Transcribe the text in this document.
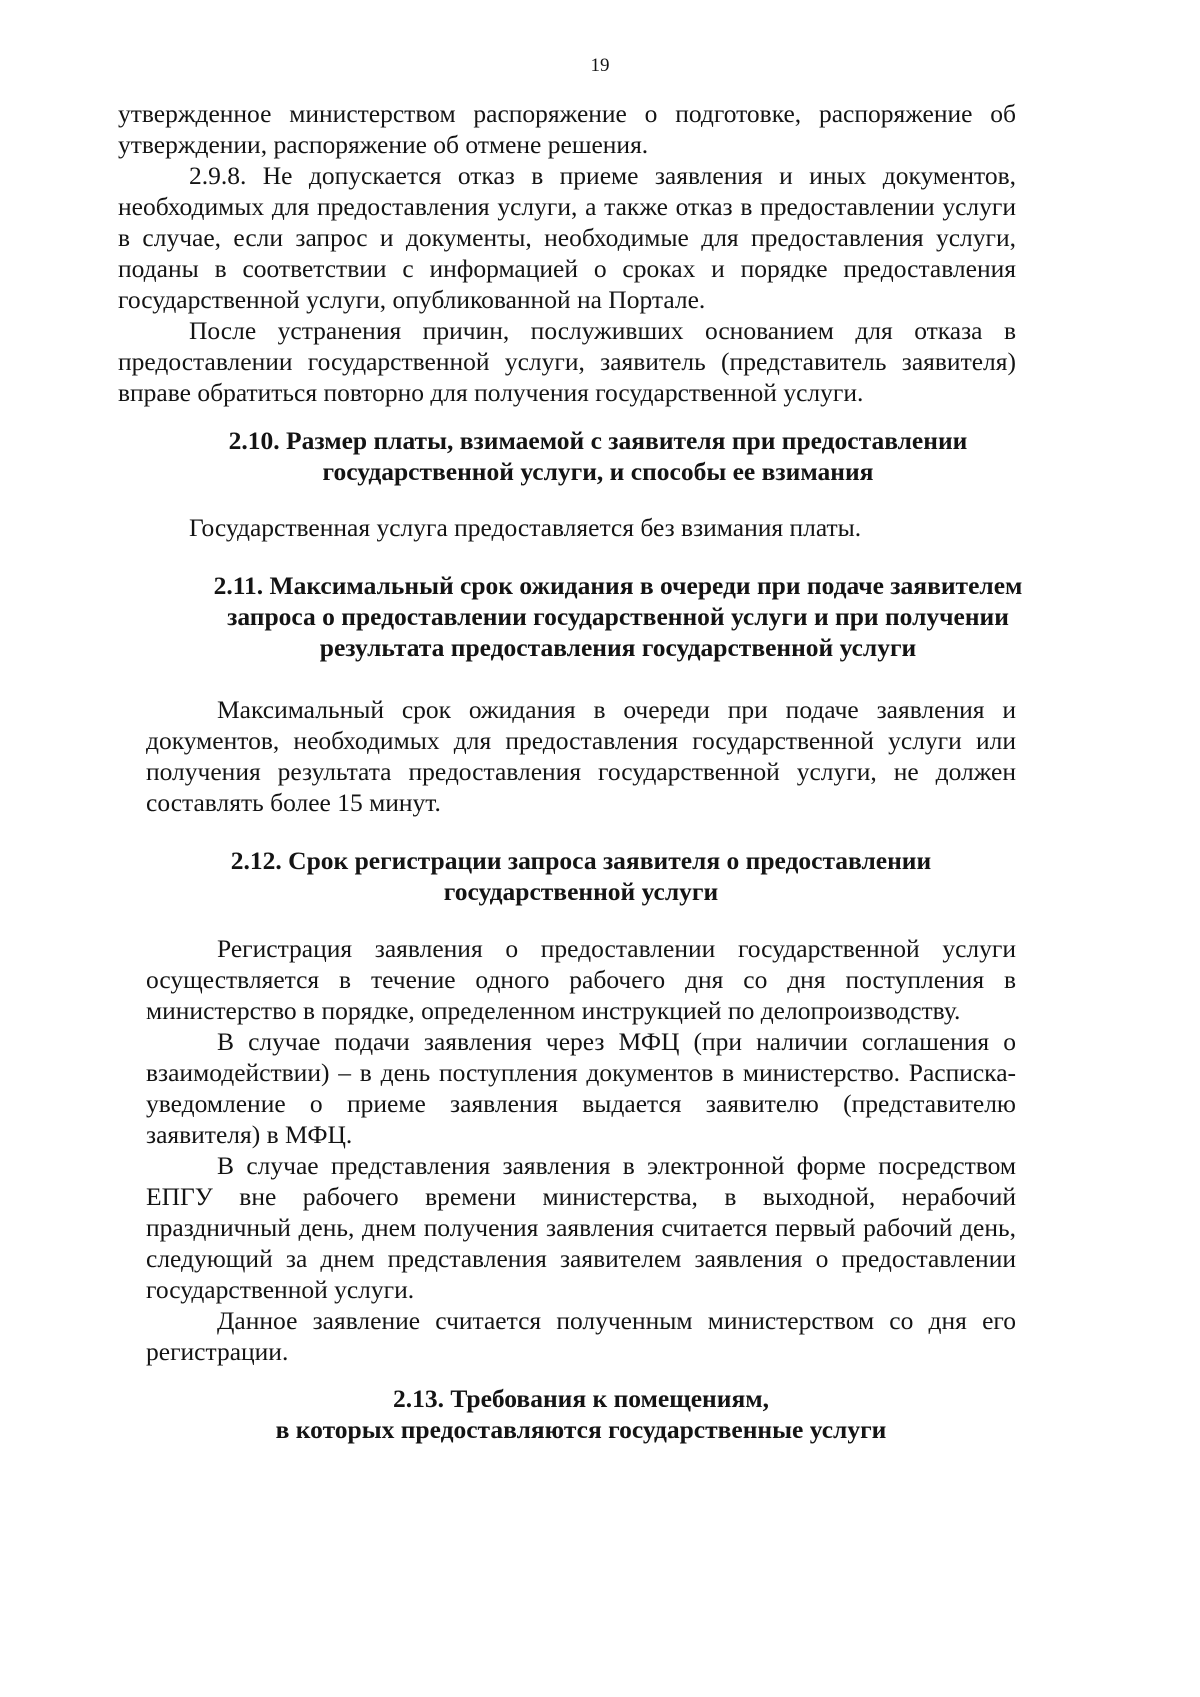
19

утвержденное министерством распоряжение о подготовке, распоряжение об утверждении, распоряжение об отмене решения.

2.9.8. Не допускается отказ в приеме заявления и иных документов, необходимых для предоставления услуги, а также отказ в предоставлении услуги в случае, если запрос и документы, необходимые для предоставления услуги, поданы в соответствии с информацией о сроках и порядке предоставления государственной услуги, опубликованной на Портале.

После устранения причин, послуживших основанием для отказа в предоставлении государственной услуги, заявитель (представитель заявителя) вправе обратиться повторно для получения государственной услуги.

2.10. Размер платы, взимаемой с заявителя при предоставлении
государственной услуги, и способы ее взимания

Государственная услуга предоставляется без взимания платы.

2.11. Максимальный срок ожидания в очереди при подаче заявителем
запроса о предоставлении государственной услуги и при получении
результата предоставления государственной услуги

Максимальный срок ожидания в очереди при подаче заявления и документов, необходимых для предоставления государственной услуги или получения результата предоставления государственной услуги, не должен составлять более 15 минут.

2.12. Срок регистрации запроса заявителя о предоставлении
государственной услуги

Регистрация заявления о предоставлении государственной услуги осуществляется в течение одного рабочего дня со дня поступления в министерство в порядке, определенном инструкцией по делопроизводству.

В случае подачи заявления через МФЦ (при наличии соглашения о взаимодействии) – в день поступления документов в министерство. Расписка-уведомление о приеме заявления выдается заявителю (представителю заявителя) в МФЦ.

В случае представления заявления в электронной форме посредством ЕПГУ вне рабочего времени министерства, в выходной, нерабочий праздничный день, днем получения заявления считается первый рабочий день, следующий за днем представления заявителем заявления о предоставлении государственной услуги.

Данное заявление считается полученным министерством со дня его регистрации.

2.13. Требования к помещениям,
в которых предоставляются государственные услуги
